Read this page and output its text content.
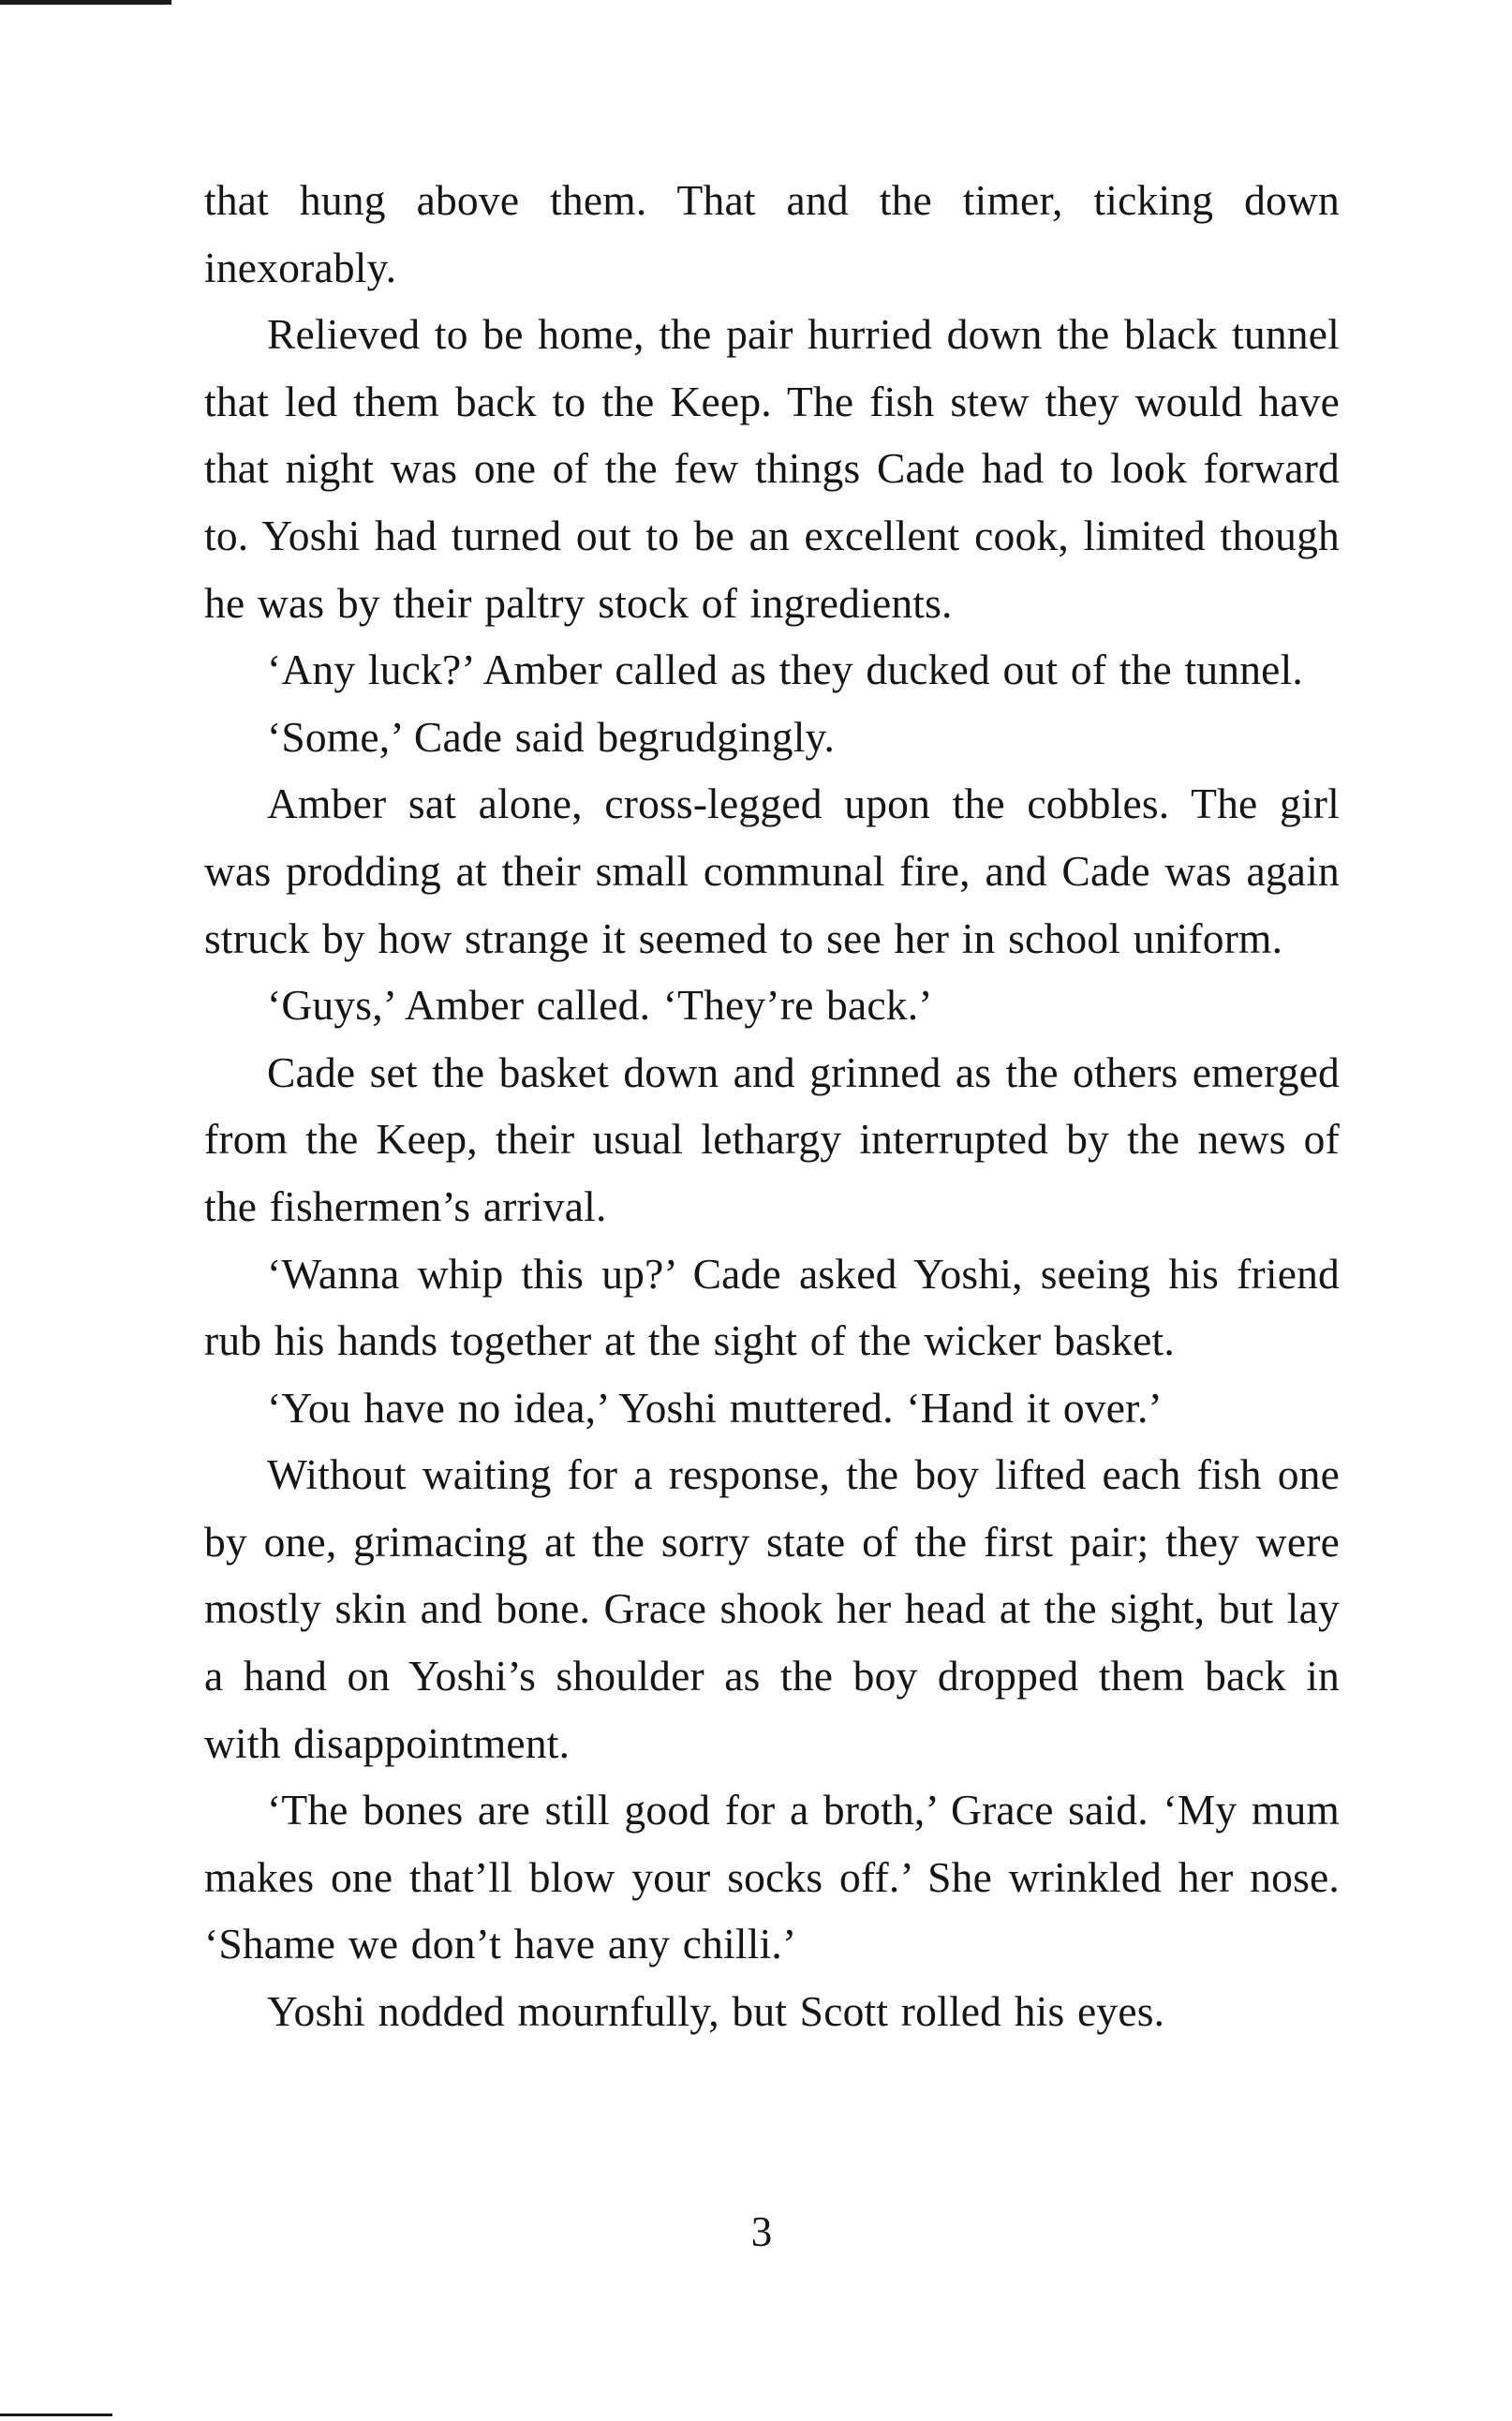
that hung above them. That and the timer, ticking down inexorably.

Relieved to be home, the pair hurried down the black tunnel that led them back to the Keep. The fish stew they would have that night was one of the few things Cade had to look forward to. Yoshi had turned out to be an excellent cook, limited though he was by their paltry stock of ingredients.

‘Any luck?’ Amber called as they ducked out of the tunnel.

‘Some,’ Cade said begrudgingly.

Amber sat alone, cross-legged upon the cobbles. The girl was prodding at their small communal fire, and Cade was again struck by how strange it seemed to see her in school uniform.

‘Guys,’ Amber called. ‘They’re back.’

Cade set the basket down and grinned as the others emerged from the Keep, their usual lethargy interrupted by the news of the fishermen’s arrival.

‘Wanna whip this up?’ Cade asked Yoshi, seeing his friend rub his hands together at the sight of the wicker basket.

‘You have no idea,’ Yoshi muttered. ‘Hand it over.’

Without waiting for a response, the boy lifted each fish one by one, grimacing at the sorry state of the first pair; they were mostly skin and bone. Grace shook her head at the sight, but lay a hand on Yoshi’s shoulder as the boy dropped them back in with disappointment.

‘The bones are still good for a broth,’ Grace said. ‘My mum makes one that’ll blow your socks off.’ She wrinkled her nose. ‘Shame we don’t have any chilli.’

Yoshi nodded mournfully, but Scott rolled his eyes.

3
